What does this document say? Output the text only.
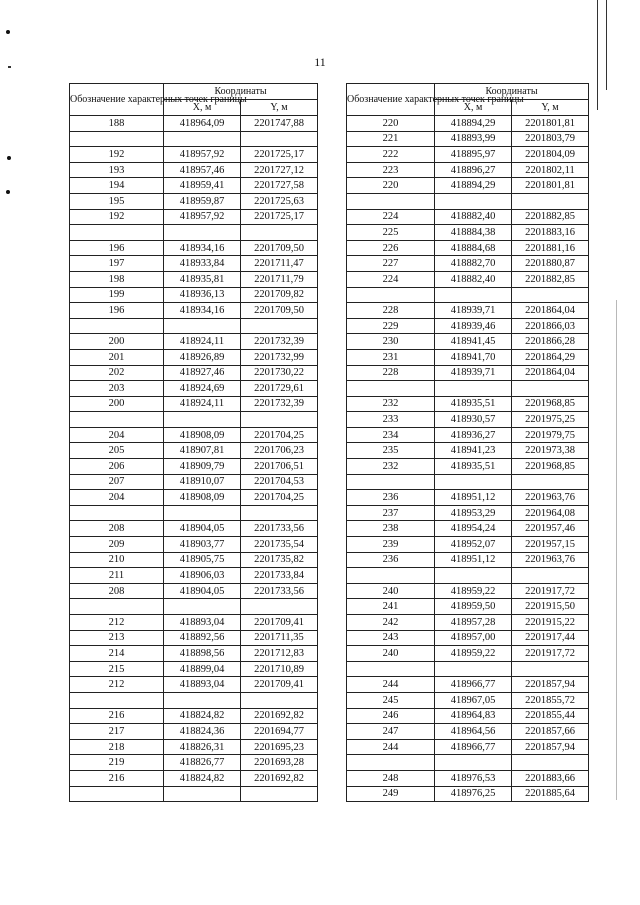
11
Обозначение характерных точек границы	Координаты	
	X, м	Y, м
188	418964,09	2201747,88

192	418957,92	2201725,17
193	418957,46	2201727,12
194	418959,41	2201727,58
195	418959,87	2201725,63
192	418957,92	2201725,17

196	418934,16	2201709,50
197	418933,84	2201711,47
198	418935,81	2201711,79
199	418936,13	2201709,82
196	418934,16	2201709,50

200	418924,11	2201732,39
201	418926,89	2201732,99
202	418927,46	2201730,22
203	418924,69	2201729,61
200	418924,11	2201732,39

204	418908,09	2201704,25
205	418907,81	2201706,23
206	418909,79	2201706,51
207	418910,07	2201704,53
204	418908,09	2201704,25

208	418904,05	2201733,56
209	418903,77	2201735,54
210	418905,75	2201735,82
211	418906,03	2201733,84
208	418904,05	2201733,56

212	418893,04	2201709,41
213	418892,56	2201711,35
214	418898,56	2201712,83
215	418899,04	2201710,89
212	418893,04	2201709,41

216	418824,82	2201692,82
217	418824,36	2201694,77
218	418826,31	2201695,23
219	418826,77	2201693,28
216	418824,82	2201692,82

Обозначение характерных точек границы	Координаты	
	X, м	Y, м
220	418894,29	2201801,81
221	418893,99	2201803,79
222	418895,97	2201804,09
223	418896,27	2201802,11
220	418894,29	2201801,81

224	418882,40	2201882,85
225	418884,38	2201883,16
226	418884,68	2201881,16
227	418882,70	2201880,87
224	418882,40	2201882,85

228	418939,71	2201864,04
229	418939,46	2201866,03
230	418941,45	2201866,28
231	418941,70	2201864,29
228	418939,71	2201864,04

232	418935,51	2201968,85
233	418930,57	2201975,25
234	418936,27	2201979,75
235	418941,23	2201973,38
232	418935,51	2201968,85

236	418951,12	2201963,76
237	418953,29	2201964,08
238	418954,24	2201957,46
239	418952,07	2201957,15
236	418951,12	2201963,76

240	418959,22	2201917,72
241	418959,50	2201915,50
242	418957,28	2201915,22
243	418957,00	2201917,44
240	418959,22	2201917,72

244	418966,77	2201857,94
245	418967,05	2201855,72
246	418964,83	2201855,44
247	418964,56	2201857,66
244	418966,77	2201857,94

248	418976,53	2201883,66
249	418976,25	2201885,64
